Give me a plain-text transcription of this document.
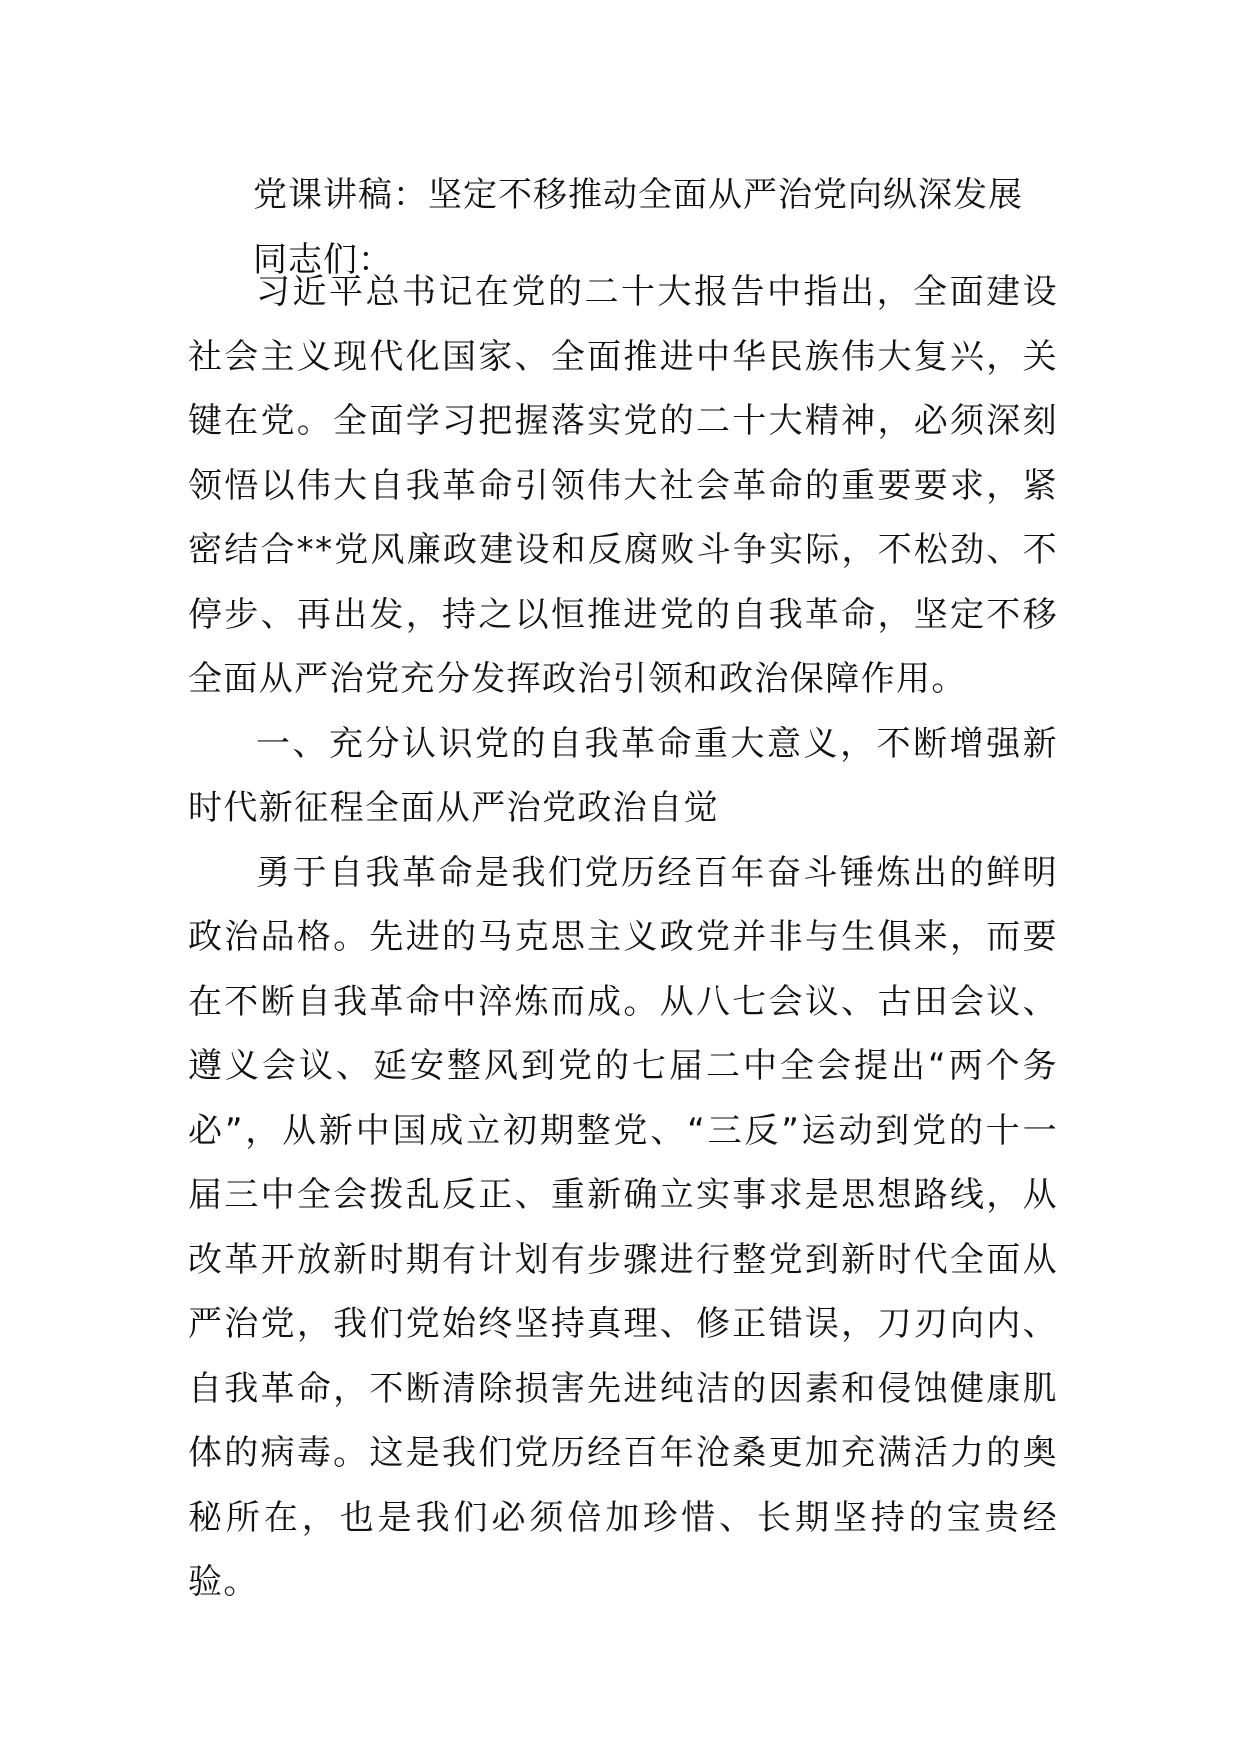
党课讲稿：坚定不移推动全面从严治党向纵深发展
同志们：

习近平总书记在党的二十大报告中指出，全面建设社会主义现代化国家、全面推进中华民族伟大复兴，关键在党。全面学习把握落实党的二十大精神，必须深刻领悟以伟大自我革命引领伟大社会革命的重要要求，紧密结合**党风廉政建设和反腐败斗争实际，不松劲、不停步、再出发，持之以恒推进党的自我革命，坚定不移全面从严治党充分发挥政治引领和政治保障作用。

一、充分认识党的自我革命重大意义，不断增强新时代新征程全面从严治党政治自觉

勇于自我革命是我们党历经百年奋斗锤炼出的鲜明政治品格。先进的马克思主义政党并非与生俱来，而要在不断自我革命中淬炼而成。从八七会议、古田会议、遵义会议、延安整风到党的七届二中全会提出“两个务必”，从新中国成立初期整党、“三反”运动到党的十一届三中全会拨乱反正、重新确立实事求是思想路线，从改革开放新时期有计划有步骤进行整党到新时代全面从严治党，我们党始终坚持真理、修正错误，刀刃向内、自我革命，不断清除损害先进纯洁的因素和侵蚀健康肌体的病毒。这是我们党历经百年沧桑更加充满活力的奥秘所在，也是我们必须倍加珍惜、长期坚持的宝贵经验。
